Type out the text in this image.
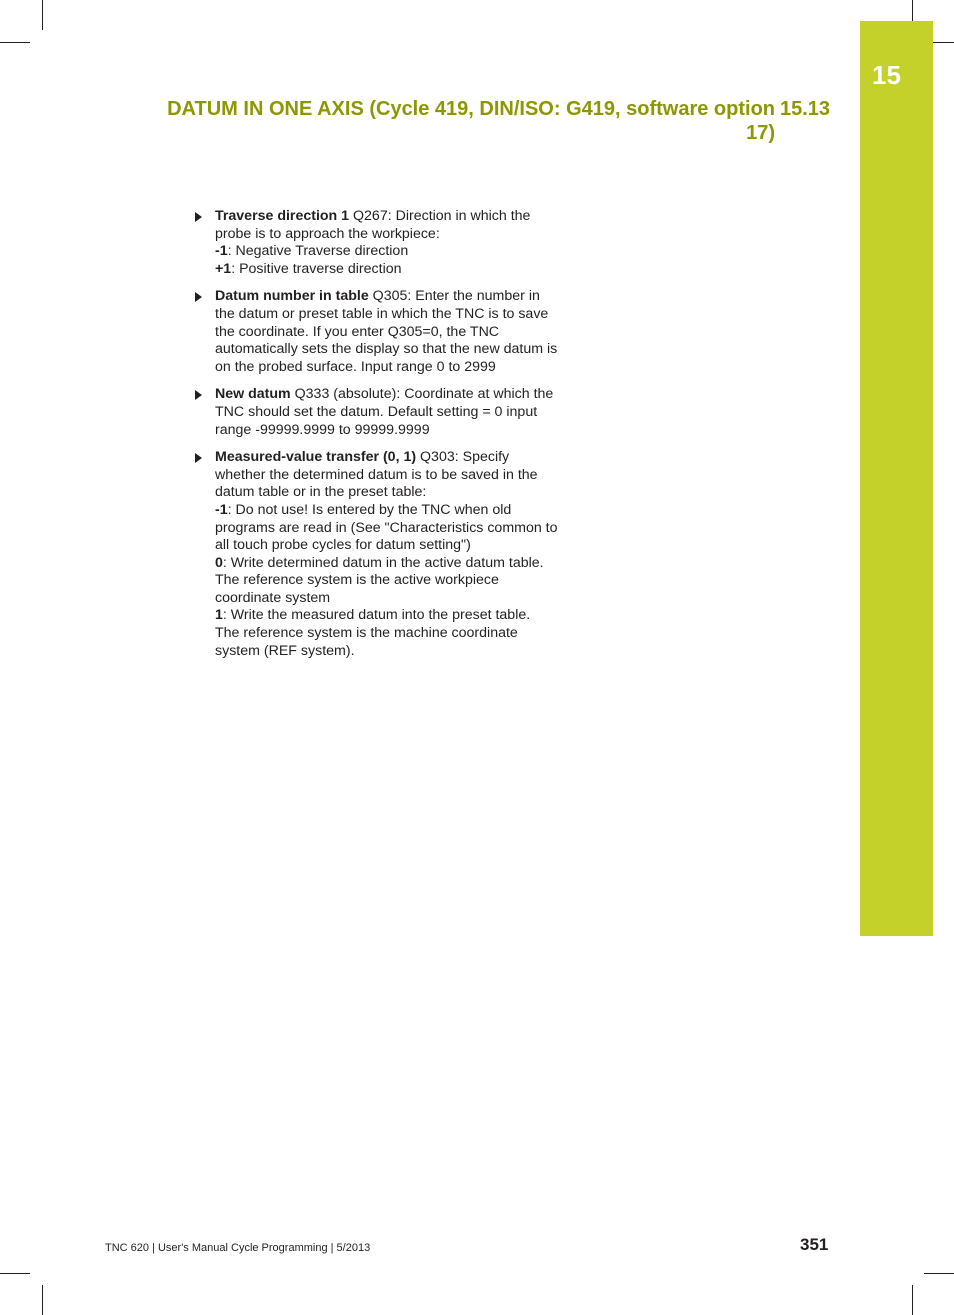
15
DATUM IN ONE AXIS (Cycle 419, DIN/ISO: G419, software option
17)
15.13
Traverse direction 1 Q267: Direction in which the probe is to approach the workpiece:
-1: Negative Traverse direction
+1: Positive traverse direction
Datum number in table Q305: Enter the number in the datum or preset table in which the TNC is to save the coordinate. If you enter Q305=0, the TNC automatically sets the display so that the new datum is on the probed surface. Input range 0 to 2999
New datum Q333 (absolute): Coordinate at which the TNC should set the datum. Default setting = 0 input range -99999.9999 to 99999.9999
Measured-value transfer (0, 1) Q303: Specify whether the determined datum is to be saved in the datum table or in the preset table:
-1: Do not use! Is entered by the TNC when old programs are read in (See "Characteristics common to all touch probe cycles for datum setting")
0: Write determined datum in the active datum table. The reference system is the active workpiece coordinate system
1: Write the measured datum into the preset table. The reference system is the machine coordinate system (REF system).
TNC 620 | User's Manual Cycle Programming | 5/2013	351
